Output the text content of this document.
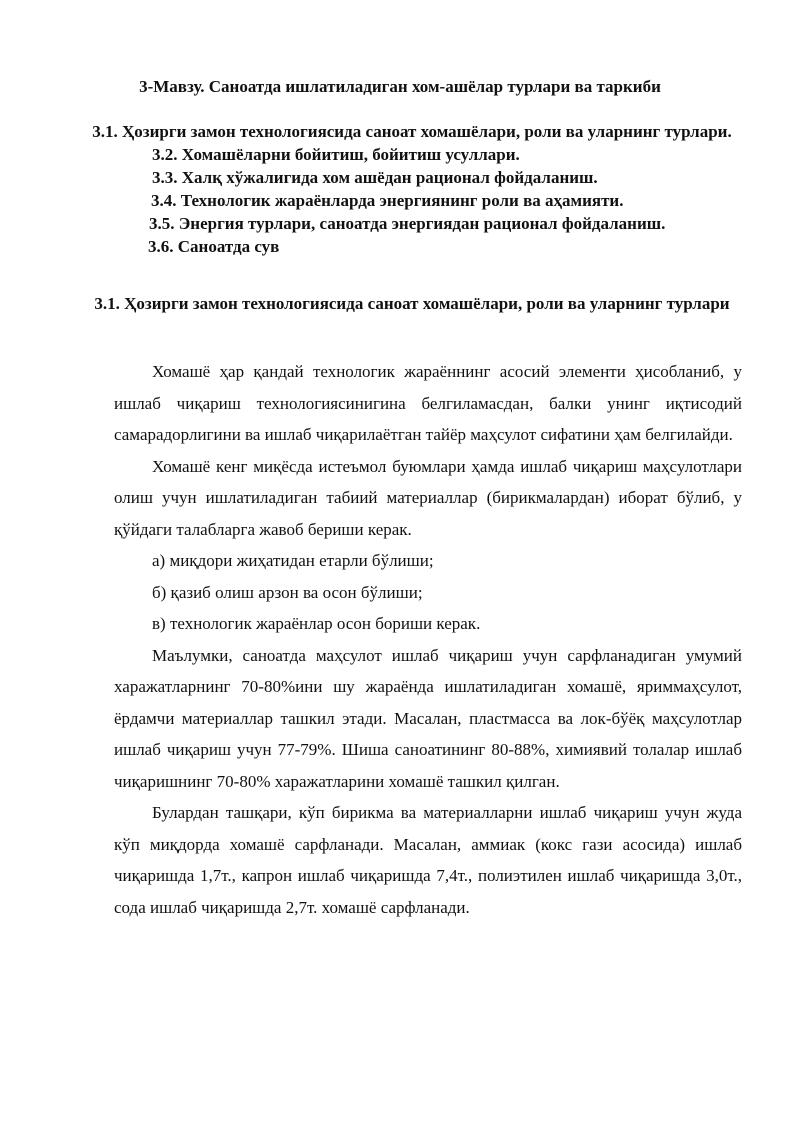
3-Мавзу. Саноатда ишлатиладиган хом-ашёлар турлари ва таркиби
3.1. Ҳозирги замон технологиясида саноат хомашёлари, роли ва уларнинг турлари.
3.2. Хомашёларни бойитиш, бойитиш усуллари.
3.3. Халқ хўжалигида хом ашёдан рационал фойдаланиш.
3.4. Технологик жараёнларда энергиянинг роли ва аҳамияти.
3.5. Энергия турлари, саноатда энергиядан рационал фойдаланиш.
3.6. Саноатда сув
3.1. Ҳозирги замон технологиясида саноат хомашёлари, роли ва уларнинг турлари

Хомашё ҳар қандай технологик жараённинг асосий элементи ҳисобланиб, у ишлаб чиқариш технологиясинигина белгиламасдан, балки унинг иқтисодий самарадорлигини ва ишлаб чиқарилаётган тайёр маҳсулот сифатини ҳам белгилайди.

Хомашё кенг миқёсда истеъмол буюмлари ҳамда ишлаб чиқариш маҳсулотлари олиш учун ишлатиладиган табиий материаллар (бирикмалардан) иборат бўлиб, у қўйдаги талабларга жавоб бериши керак.

а) миқдори жиҳатидан етарли бўлиши;

б) қазиб олиш арзон ва осон бўлиши;

в) технологик жараёнлар осон бориши керак.

Маълумки, саноатда маҳсулот ишлаб чиқариш учун сарфланадиган умумий харажатларнинг 70-80%ини шу жараёнда ишлатиладиган хомашё, яриммаҳсулот, ёрдамчи материаллар ташкил этади. Масалан, пластмасса ва лок-бўёқ маҳсулотлар ишлаб чиқариш учун 77-79%. Шиша саноатининг 80-88%, химиявий толалар ишлаб чиқаришнинг 70-80% харажатларини хомашё ташкил қилган.

Булардан ташқари, кўп бирикма ва материалларни ишлаб чиқариш учун жуда кўп миқдорда хомашё сарфланади. Масалан, аммиак (кокс гази асосида) ишлаб чиқаришда 1,7т., капрон ишлаб чиқаришда 7,4т., полиэтилен ишлаб чиқаришда 3,0т., сода ишлаб чиқаришда 2,7т. хомашё сарфланади.
